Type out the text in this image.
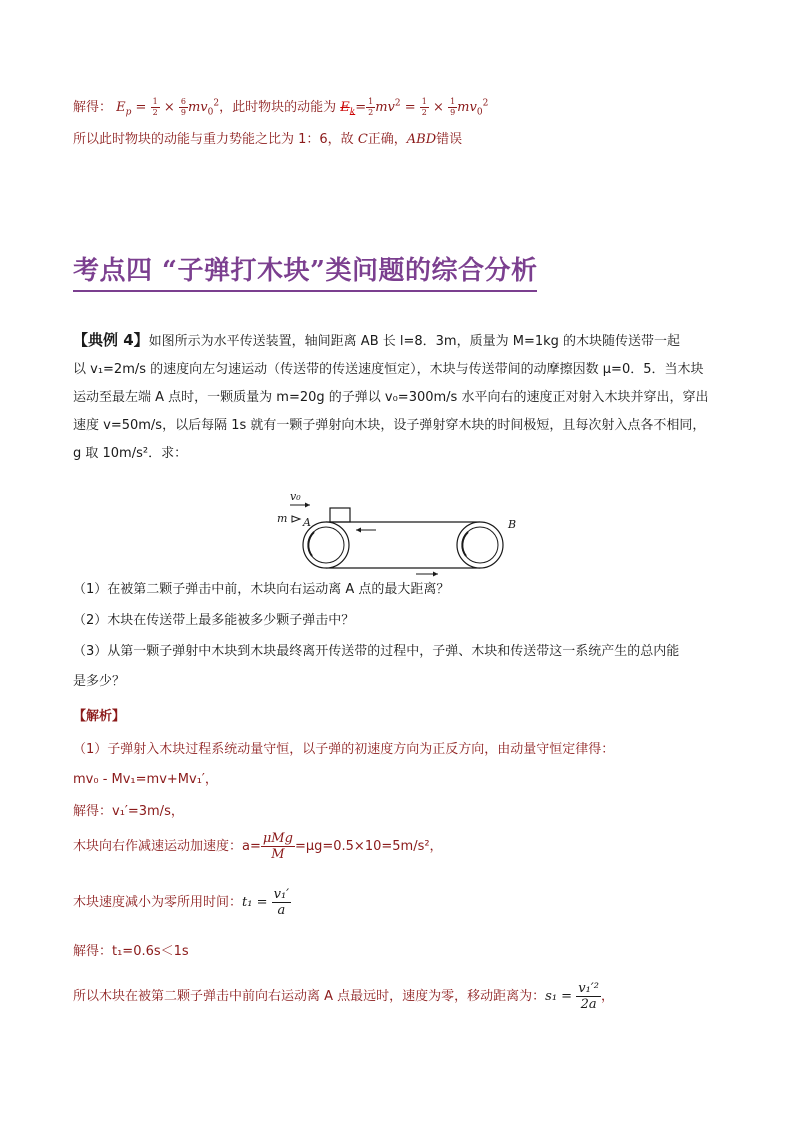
解得： $E_p = \frac{1}{2} \times \frac{6}{9} mv_0^2$，此时物块的动能为 $E_k= \frac{1}{2} mv^2 = \frac{1}{2} \times \frac{1}{9} mv_0^2$
所以此时物块的动能与重力势能之比为 1：6，故 C正确，ABD错误
考点四 “子弹打木块”类问题的综合分析
【典例 4】如图所示为水平传送装置，轴间距离 AB 长 l=8．3m，质量为 M=1kg 的木块随传送带一起
以 v₁=2m/s 的速度向左匀速运动（传送带的传送速度恒定），木块与传送带间的动摩擦因数 μ=0．5．当木块
运动至最左端 A 点时，一颗质量为 m=20g 的子弹以 v₀=300m/s 水平向右的速度正对射入木块并穿出，穿出
速度 v=50m/s，以后每隔 1s 就有一颗子弹射向木块，设子弹射穿木块的时间极短，且每次射入点各不相同，
g 取 10m/s²．求：
v₀
m A	B
（1）在被第二颗子弹击中前，木块向右运动离 A 点的最大距离？
（2）木块在传送带上最多能被多少颗子弹击中？
（3）从第一颗子弹射中木块到木块最终离开传送带的过程中，子弹、木块和传送带这一系统产生的总内能
是多少？
【解析】
（1）子弹射入木块过程系统动量守恒，以子弹的初速度方向为正反方向，由动量守恒定律得：
mv₀ - Mv₁=mv+Mv₁′，
解得：v₁′=3m/s，
木块向右作减速运动加速度：$a= \frac{\text{μMg}}{M} =\mu g=0.5\times 10=5m/s^2$，
木块速度减小为零所用时间：$t_1 = \frac{\text{v₁′}}{a}$
解得：t₁=0.6s＜1s
所以木块在被第二颗子弹击中前向右运动离 A 点最远时，速度为零，移动距离为：$s_1 = \frac{\text{v₁′²}}{2a}$ ，
